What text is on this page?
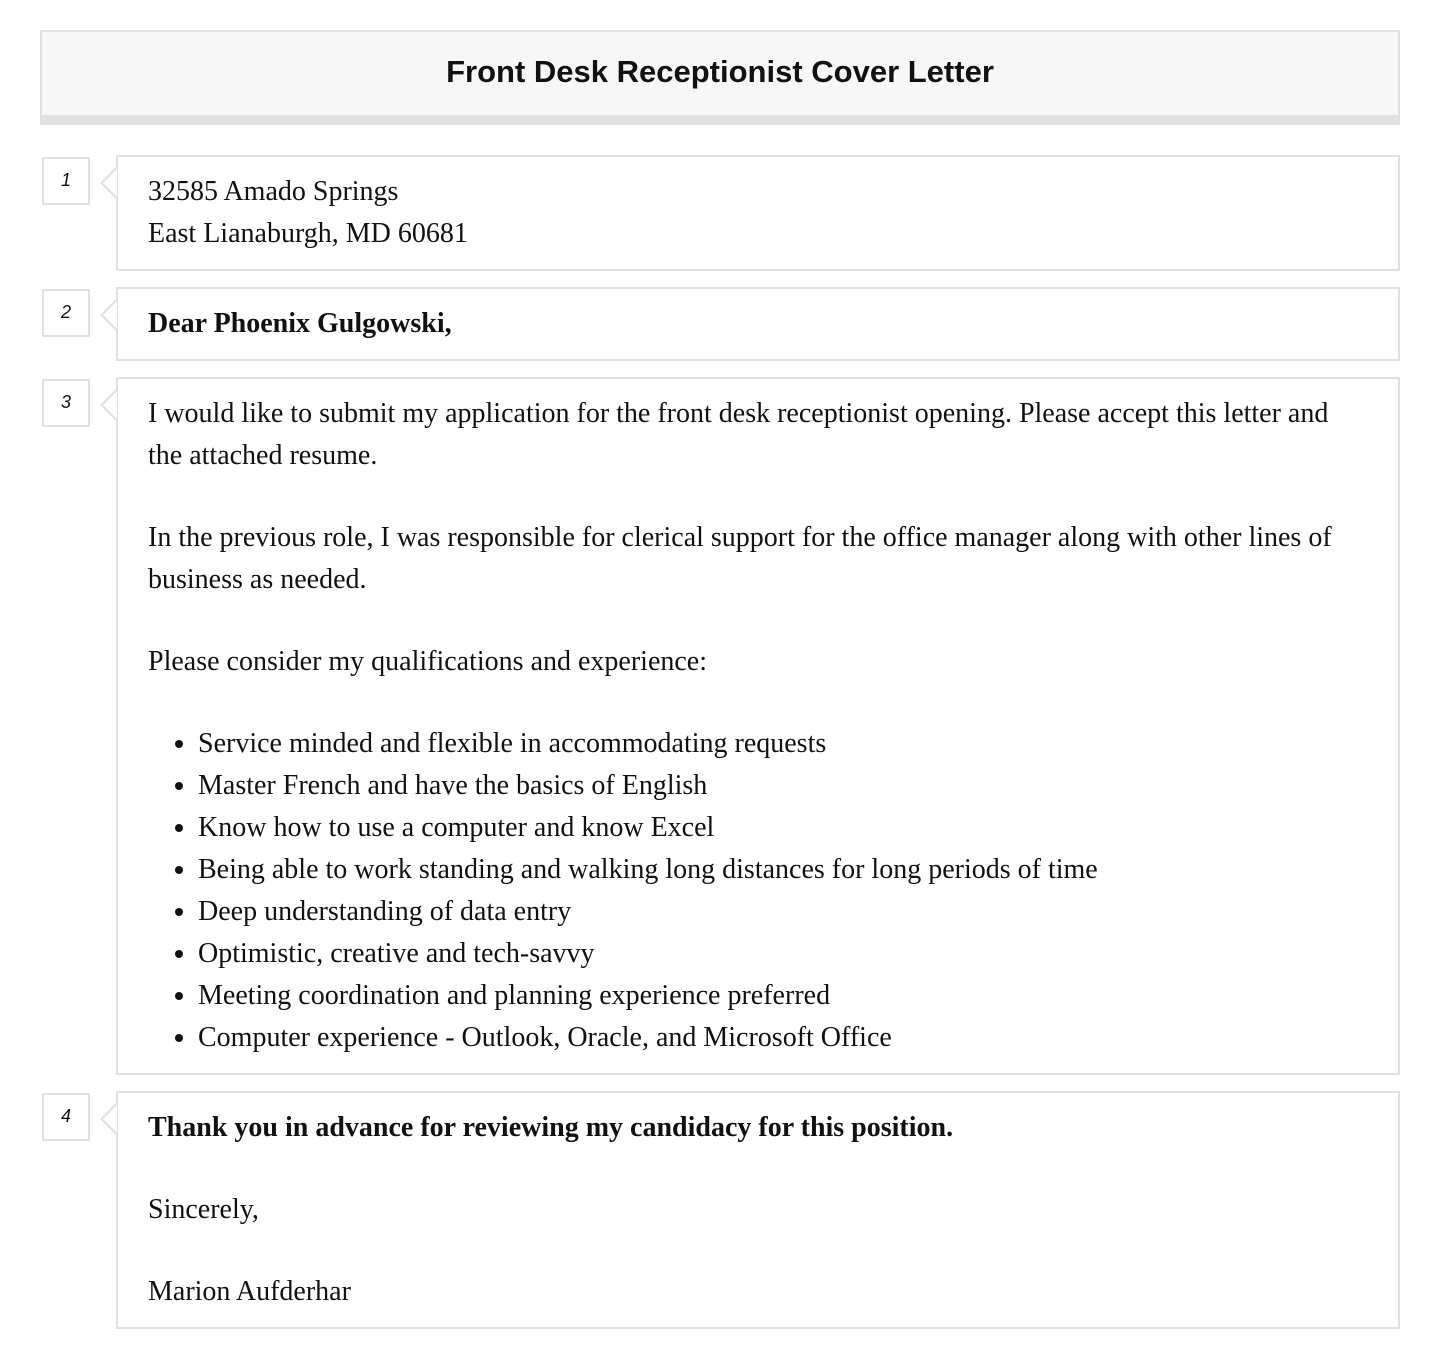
Front Desk Receptionist Cover Letter
1	32585 Amado Springs

East Lianaburgh, MD 60681

2	Dear Phoenix Gulgowski,

3	I would like to submit my application for the front desk receptionist opening. Please accept this letter and the attached resume.

In the previous role, I was responsible for clerical support for the office manager along with other lines of business as needed.

Please consider my qualifications and experience:

• Service minded and flexible in accommodating requests
• Master French and have the basics of English
• Know how to use a computer and know Excel
• Being able to work standing and walking long distances for long periods of time
• Deep understanding of data entry
• Optimistic, creative and tech-savvy
• Meeting coordination and planning experience preferred
• Computer experience - Outlook, Oracle, and Microsoft Office
4	Thank you in advance for reviewing my candidacy for this position.

Sincerely,

Marion Aufderhar
